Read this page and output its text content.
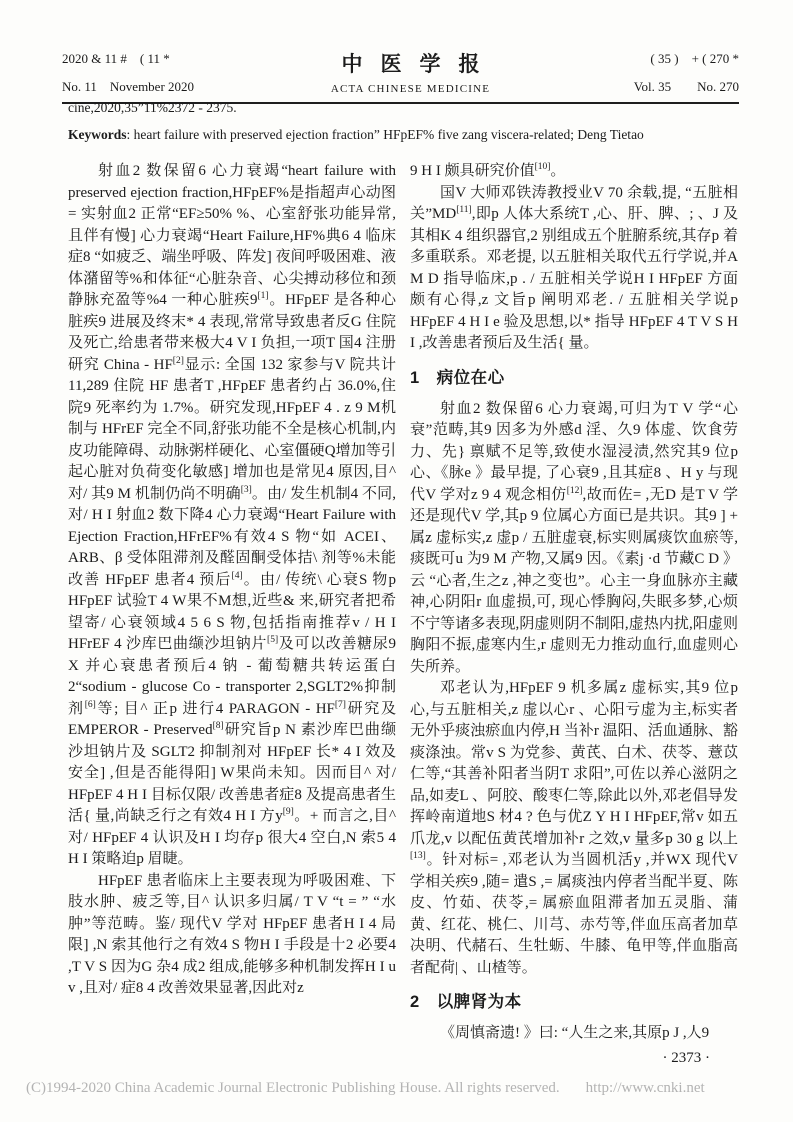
2020 & 11 #　( 11 *
No. 11　November 2020
中医学报
ACTA CHINESE MEDICINE
( 35 )　+ ( 270 *
Vol. 35　　No. 270
cine,2020,35”11%2372 - 2375.
Keywords: heart failure with preserved ejection fraction” HFpEF% five zang viscera-related; Deng Tietao

射血2 数保留6 心力衰竭“heart failure with preserved ejection fraction,HFpEF%是指超声心动图 = 实射血2 正常“EF≥50% %、心室舒张功能异常,且伴有慢] 心力衰竭“Heart Failure,HF%典6 4 临床症8 “如疲乏、端坐呼吸、阵发] 夜间呼吸困难、液体潴留等%和体征“心脏杂音、心尖搏动移位和颈静脉充盈等%4 一种心脏疾9[1]。HFpEF 是各种心脏疾9 进展及终末* 4 表现,常常导致患者反G 住院及死亡,给患者带来极大4 V I 负担,一项T 国4 注册研究 China - HF[2]显示: 全国 132 家参与V 院共计 11,289 住院 HF 患者T ,HFpEF 患者约占 36.0%,住院9 死率约为 1.7%。研究发现,HFpEF 4 . z 9 M机制与 HFrEF 完全不同,舒张功能不全是核心机制,内皮功能障碍、动脉粥样硬化、心室僵硬Q增加等引起心脏对负荷变化敏感] 增加也是常见4 原因,目^ 对/ 其9 M 机制仍尚不明确[3]。由/ 发生机制4 不同,对/ H I 射血2 数下降4 心力衰竭“Heart Failure with Ejection Fraction,HFrEF%有效4 S 物“如 ACEI、ARB、β 受体阻滞剂及醛固酮受体拮\ 剂等%未能改善 HFpEF 患者4 预后[4]。由/ 传统\ 心衰S 物p HFpEF 试验T 4 W果不M想,近些& 来,研究者把希望寄/ 心衰领域4 5 6 S 物,包括指南推荐v / H I HFrEF 4 沙库巴曲缬沙坦钠片[5]及可以改善糖尿9 X 并心衰患者预后4 钠 - 葡萄糖共转运蛋白 2“sodium - glucose Co - transporter 2,SGLT2%抑制剂[6]等; 目^ 正p 进行4 PARAGON - HF[7]研究及 EMPEROR - Preserved[8]研究旨p N 素沙库巴曲缬沙坦钠片及 SGLT2 抑制剂对 HFpEF 长* 4 I 效及安全] ,但是否能得阳] W果尚未知。因而目^ 对/ HFpEF 4 H I 目标仅限/ 改善患者症8 及提高患者生活{ 量,尚缺乏行之有效4 H I 方y[9]。+ 而言之,目^ 对/ HFpEF 4 认识及H I 均存p 很大4 空白,N 索5 4 H I 策略迫p 眉睫。

HFpEF 患者临床上主要表现为呼吸困难、下肢水肿、疲乏等,目^ 认识多归属/ T V “t = ” “水肿”等范畴。鉴/ 现代V 学对 HFpEF 患者H I 4 局限] ,N 索其他行之有效4 S 物H I 手段是十2 必要4 ,T V S 因为G 杂4 成2 组成,能够多种机制发挥H I u v ,且对/ 症8 4 改善效果显著,因此对z

9 H I 颇具研究价值[10]。

国V 大师邓铁涛教授业V 70 余载,提, “五脏相关”MD[11],即p 人体大系统T ,心、肝、脾、; 、J 及其相K 4 组织器官,2 别组成五个脏腑系统,其存p 着多重联系。邓老提, 以五脏相关取代五行学说,并A M D 指导临床,p . / 五脏相关学说H I HFpEF 方面颇有心得,z 文旨p 阐明邓老. / 五脏相关学说p HFpEF 4 H I e 验及思想,以* 指导 HFpEF 4 T V S H I ,改善患者预后及生活{ 量。

1　病位在心

射血2 数保留6 心力衰竭,可归为T V 学“心衰”范畴,其9 因多为外感d 淫、久9 体虚、饮食劳力、先} 禀赋不足等,致使水湿浸渍,然究其9 位p 心、《脉e 》最早提, 了心衰9 ,且其症8 、H y 与现代V 学对z 9 4 观念相仿[12],故而佐= ,无D 是T V 学还是现代V 学,其p 9 位属心方面已是共识。其9 ] + 属z 虚标实,z 虚p / 五脏虚衰,标实则属痰饮血瘀等,痰既可u 为9 M 产物,又属9 因。《素j ·d 节藏C D 》云 “心者,生之z ,神之变也”。心主一身血脉亦主藏神,心阴阳r 血虚损,可, 现心悸胸闷,失眠多梦,心烦不宁等诸多表现,阴虚则阴不制阳,虚热内扰,阳虚则胸阳不振,虚寒内生,r 虚则无力推动血行,血虚则心失所养。

邓老认为,HFpEF 9 机多属z 虚标实,其9 位p 心,与五脏相关,z 虚以心r 、心阳亏虚为主,标实者无外乎痰浊瘀血内停,H 当补r 温阳、活血通脉、豁痰涤浊。常v S 为党参、黄芪、白术、茯苓、薏苡仁等,“其善补阳者当阴T 求阳”,可佐以养心滋阴之品,如麦L 、阿胶、酸枣仁等,除此以外,邓老倡导发挥岭南道地S 材4 ? 色与优Z Y H I HFpEF,常v 如五爪龙,v 以配伍黄芪增加补r 之效,v 量多p 30 g 以上[13]。针对标= ,邓老认为当圆机活y ,并WX 现代V 学相关疾9 ,随= 遣S ,= 属痰浊内停者当配半夏、陈皮、竹茹、茯苓,= 属瘀血阻滞者加五灵脂、蒲黄、红花、桃仁、川芎、赤芍等,伴血压高者加草决明、代赭石、生牡蛎、牛膝、龟甲等,伴血脂高者配荷| 、山楂等。

2　以脾肾为本

《周慎斋遗! 》曰: “人生之来,其原p J ,人9

· 2373 ·
(C)1994-2020 China Academic Journal Electronic Publishing House. All rights reserved. http://www.cnki.net
